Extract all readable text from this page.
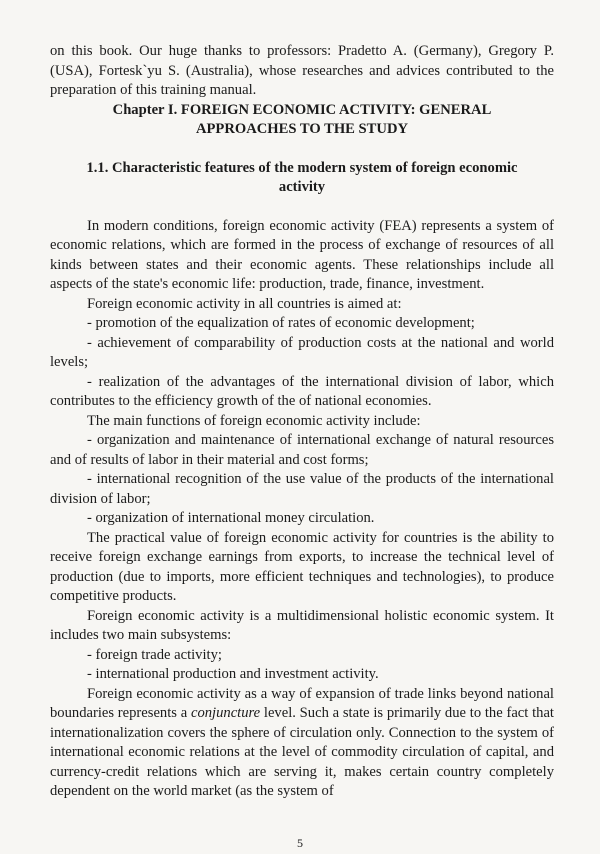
on this book. Our huge thanks to professors: Pradetto A. (Germany), Gregory P. (USA), Fortesk`yu S. (Australia), whose researches and advices contributed to the preparation of this training manual.

Chapter I. FOREIGN ECONOMIC ACTIVITY: GENERAL APPROACHES TO THE STUDY

1.1. Characteristic features of the modern system of foreign economic activity

In modern conditions, foreign economic activity (FEA) represents a system of economic relations, which are formed in the process of exchange of resources of all kinds between states and their economic agents. These relationships include all aspects of the state's economic life: production, trade, finance, investment.

Foreign economic activity in all countries is aimed at:

- promotion of the equalization of rates of economic development;

- achievement of comparability of production costs at the national and world levels;

- realization of the advantages of the international division of labor, which contributes to the efficiency growth of the of national economies.

The main functions of foreign economic activity include:

- organization and maintenance of international exchange of natural resources and of results of labor in their material and cost forms;

- international recognition of the use value of the products of the international division of labor;

- organization of international money circulation.

The practical value of foreign economic activity for countries is the ability to receive foreign exchange earnings from exports, to increase the technical level of production (due to imports, more efficient techniques and technologies), to produce competitive products.

Foreign economic activity is a multidimensional holistic economic system. It includes two main subsystems:

- foreign trade activity;

- international production and investment activity.

Foreign economic activity as a way of expansion of trade links beyond national boundaries represents a conjuncture level. Such a state is primarily due to the fact that internationalization covers the sphere of circulation only. Connection to the system of international economic relations at the level of commodity circulation of capital, and currency-credit relations which are serving it, makes certain country completely dependent on the world market (as the system of

5
